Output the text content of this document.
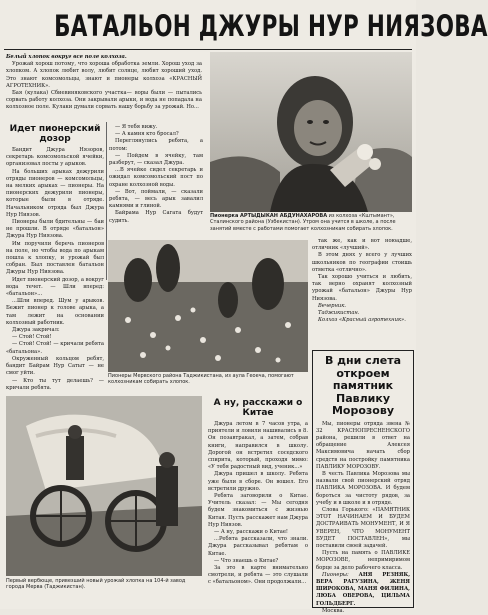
БАТАЛЬОН ДЖУРЫ НУР НИЯЗОВА

Белый хлопок вокруг все поле колхоза.

Урожай хорош потому, что хороша обработка земли. Хорош уход за хлопком. А хлопок любит волу, любит солнце, любит хороший уход. Это знают комсомольцы, знают и пионеры колхоза «КРАСНЫЙ АГРОТЕХНИК».

Бая (кулака) Сбиевиняковского участка— воры были — пытались сорвать работу колхоза. Они закрывали арыки, и вода не попадала на колхозное поле. Кулаки думали сорвать нашу борьбу за урожай. Но...

Идет пионерский дозор

Бандит Джура Нязоров, секретарь комсомольской ячейки, организовал посты у арыков.

На больших арыках дежурили отряды пионеров — комсомольцы, на мелких арыках — пионеры. На пионерских дежурили пионеры, которые были в отряде. Начальником отряда был Джура Нур Ниязов.

Пионеры были бдительны — баи не прошли. В отряде «батальон» Джура Нур Ниязова.

Им поручили беречь пионеров на поле, но чтобы вода по арыкам пошла к хлопку, и урожай был собран. Был поставлен батальон Джуры Нур Ниязова.

Идет пионерский дозор, а вокруг вода течет. — Шли вперед: «батальон»...

...Шли вперед. Шум у арыков. Бежит пионер к голове арыка, а там лежит на основании колхозный работник.

Джура закричал:

— Стой! Стой!

— Стой! Стой! — кричали ребята «батальона».

Окруженный кольцом ребят, бандит Байрам Нур Сатыт — не смог уйти.

— Кто ты тут делаешь? — кричали ребята.

— Я тебя вижу.

— А камня кто бросал?

Переглянулись ребята, а потом:

— Пойдем в ячейку, там разберут, — сказал Джура.

...В ячейке сидел секретарь и ожидал комсомольский пост по охране колхозной воды.

— Вот, поймали, — сказали ребята, — весь арык завалил камнями и глиной.

Байрама Нур Сагата будут судить.

Пионерка АРТЫДЫКАН АБДУНАХАРОВА из колхоза «Кштымант», Сталинского района (Узбекистан). Утром она учится в школе, а после занятий вместе с работами помогает колхозникам собирать хлопок.

так же, как и вот ноюадше, отличник «лучший».

В этом днях у всего у лучших школьников по географии стоишь отметка «отлично».

Так хорошо учиться и любить, так верно охранят колхозный урожай «батальон» Джуры Нур Ниязова.

Вечерник.

Таджикистан.

Колхоз «Красный агротехник».

Пионеры Мервского района Таджикистана, из аула Геоеча, помогают колхозникам собирать хлопок.
В дни слета откроем памятник Павлику Морозову

Мы, пионеры отряда звена № 32 КРАСНОПРЕСНЕНСКОГО района, решили в ответ на обращение Алексея Максимовича начать сбор средств на постройку памятника ПАВЛИКУ МОРОЗОВУ.

В честь Павлика Морозова мы назвали свой пионерский отряд ПАВЛИКА МОРОЗОВА. И будем бороться за чистоту рядов, за учебу и в школе и в отряде.

Слова Горького: «ПАМЯТНИК ЭТОТ НАЧИНАЕМ И БУДЕМ ДОСТРАИВАТЬ МОНУМЕНТ, И Я УВЕРЕН, ЧТО МОНУМЕНТ БУДЕТ ПОСТАВЛЕН», мы поставили своей задачей.

Пусть на память о ПАВЛИКЕ МОРОЗОВЕ, непримиримом борце за дело рабочего класса.

Пионеры: АНЯ РЕЗНЯК, ВЕРА РАГУЗИНА, ЖЕНЯ ШИРОКОВА, МАНЯ ФИЛИНА, ЛЮБА ОВЕРОВА, ЦИЛЬМА ГОЛЬДБЕРГ.

Москва.

Первый вербюще, привезший новый урожай хлопка на 104-й завод города Мерва (Таджикистан).
А ну, расскажи о Китае

Джура летом в 7 часов утра, а приятели и ловили нашивались в 8. Он позавтракал, а затем, собрав книги, направился в школу. Дорогой он встретил соседского спирита, который, проходя мимо: «У тебя радостный вид, ученик...»

Джура пришел в школу. Ребята уже были в сборе. Он вошел. Его встретили дружно.

Ребята заговорили о Китае. Учитель сказал: — Мы сегодня будем знакомиться с жизнью Китая. Пусть расскажет нам Джура Нур Ниязов.

— А ну, расскажи о Китае!

...Ребята рассказали, что знали. Джура рассказывал ребятам о Китае.

— Что знаешь о Китае?

За это в карте внимательно смотрели, и ребята — это слушали с «батальоном». Они продолжали...
